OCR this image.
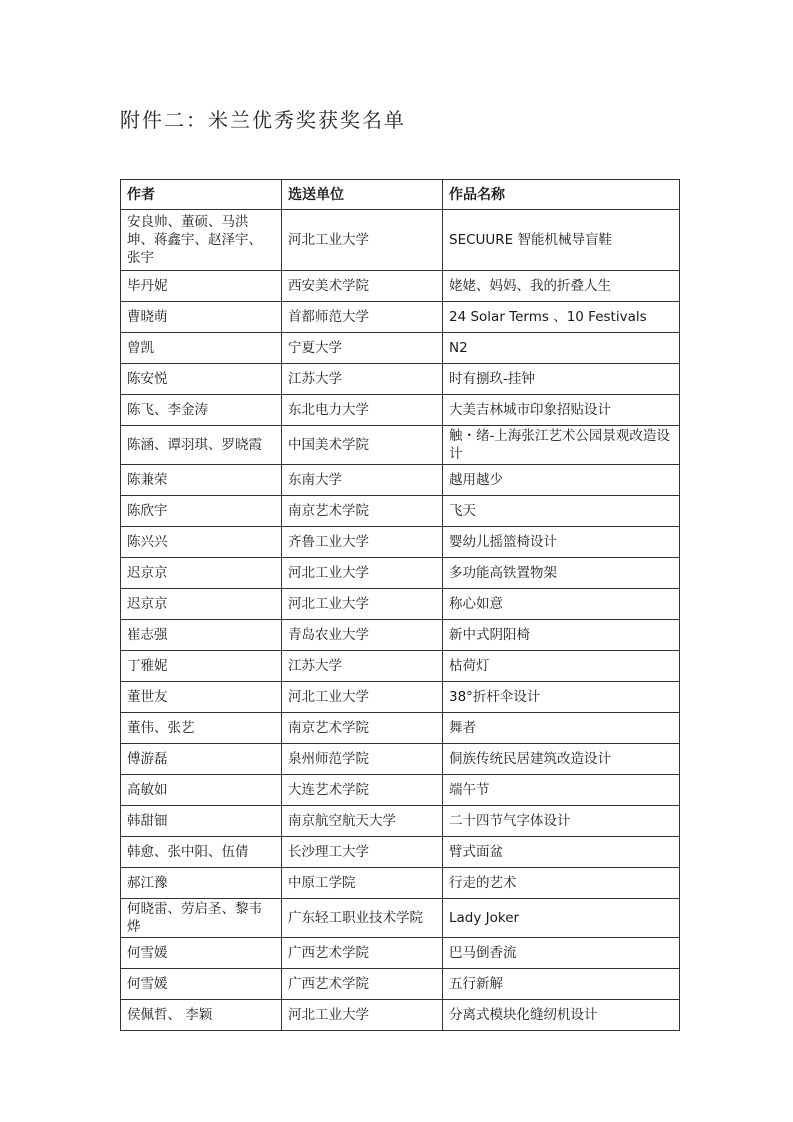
附件二：米兰优秀奖获奖名单
作者	选送单位	作品名称

安良帅、董硕、马洪坤、蒋鑫宇、赵泽宇、张宇	河北工业大学	SECUURE 智能机械导盲鞋

毕丹妮	西安美术学院	姥姥、妈妈、我的折叠人生

曹晓萌	首都师范大学	24 Solar Terms 、10 Festivals

曾凯	宁夏大学	N2

陈安悦	江苏大学	时有捌玖-挂钟

陈飞、李金涛	东北电力大学	大美吉林城市印象招贴设计

陈涵、谭羽琪、罗晓霞	中国美术学院	触・绪-上海张江艺术公园景观改造设计

陈兼荣	东南大学	越用越少

陈欣宇	南京艺术学院	飞天

陈兴兴	齐鲁工业大学	婴幼儿摇篮椅设计

迟京京	河北工业大学	多功能高铁置物架

迟京京	河北工业大学	称心如意

崔志强	青岛农业大学	新中式阴阳椅

丁雅妮	江苏大学	枯荷灯

董世友	河北工业大学	38°折杆伞设计

董伟、张艺	南京艺术学院	舞者

傅游磊	泉州师范学院	侗族传统民居建筑改造设计

高敏如	大连艺术学院	端午节

韩甜钿	南京航空航天大学	二十四节气字体设计

韩愈、张中阳、伍倩	长沙理工大学	臂式面盆

郝江豫	中原工学院	行走的艺术

何晓雷、劳启圣、黎韦烨	广东轻工职业技术学院	Lady Joker

何雪媛	广西艺术学院	巴马倒香流

何雪媛	广西艺术学院	五行新解

侯佩哲、 李颖	河北工业大学	分离式模块化缝纫机设计
